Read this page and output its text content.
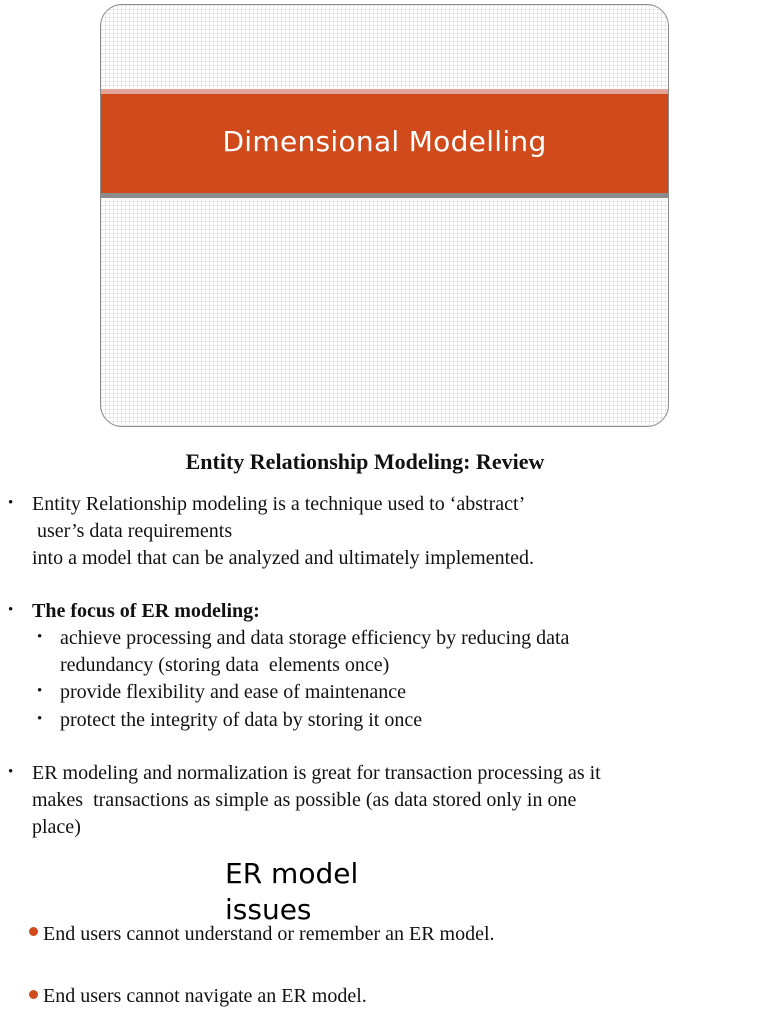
Dimensional Modelling
Entity Relationship Modeling: Review
• Entity Relationship modeling is a technique used to ‘abstract’
user’s data requirements
into a model that can be analyzed and ultimately implemented.
• The focus of ER modeling:
• achieve processing and data storage efficiency by reducing data
redundancy (storing data  elements once)
• provide flexibility and ease of maintenance
• protect the integrity of data by storing it once
• ER modeling and normalization is great for transaction processing as it
makes  transactions as simple as possible (as data stored only in one
place)
ER model
issues
End users cannot understand or remember an ER model.
End users cannot navigate an ER model.
